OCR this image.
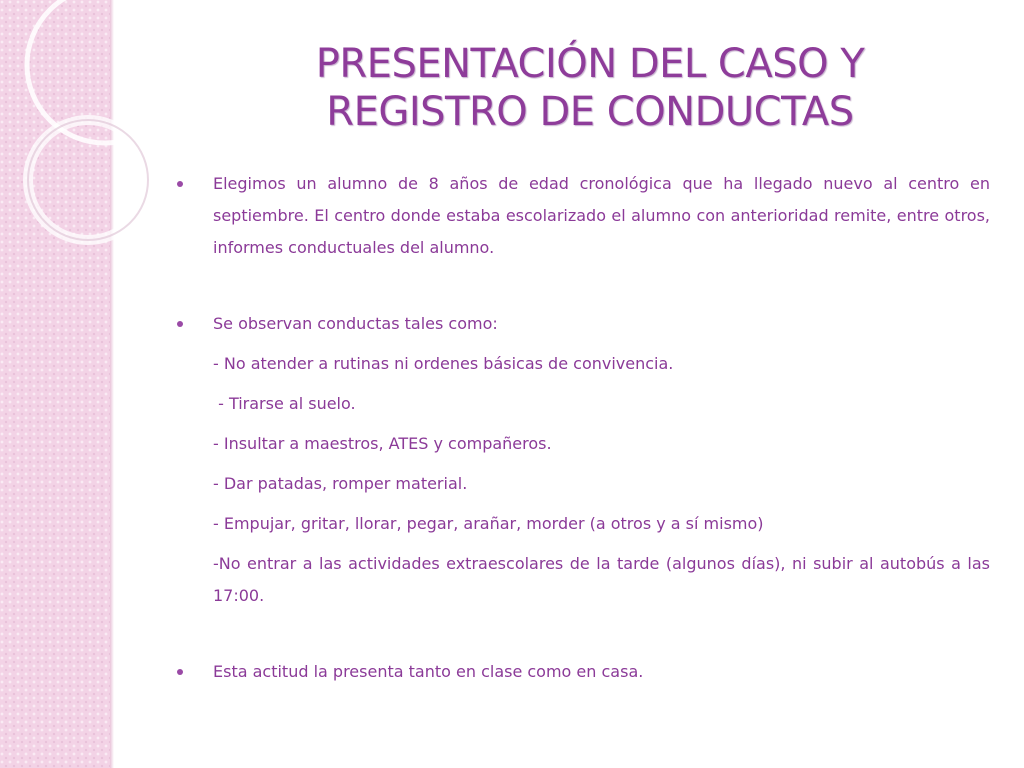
PRESENTACIÓN DEL CASO Y
REGISTRO DE CONDUCTAS
Elegimos un alumno de 8 años de edad cronológica que ha llegado nuevo al centro en septiembre. El centro donde estaba escolarizado el alumno con anterioridad remite, entre otros, informes conductuales del alumno.
Se observan conductas tales como:
- No atender a rutinas ni ordenes básicas de convivencia.
- Tirarse al suelo.
- Insultar a maestros, ATES y compañeros.
- Dar patadas, romper material.
- Empujar, gritar, llorar, pegar, arañar, morder (a otros y a sí mismo)
-No entrar a las actividades extraescolares de la tarde (algunos días), ni subir al autobús a las 17:00.
Esta actitud la presenta tanto en clase como en casa.
